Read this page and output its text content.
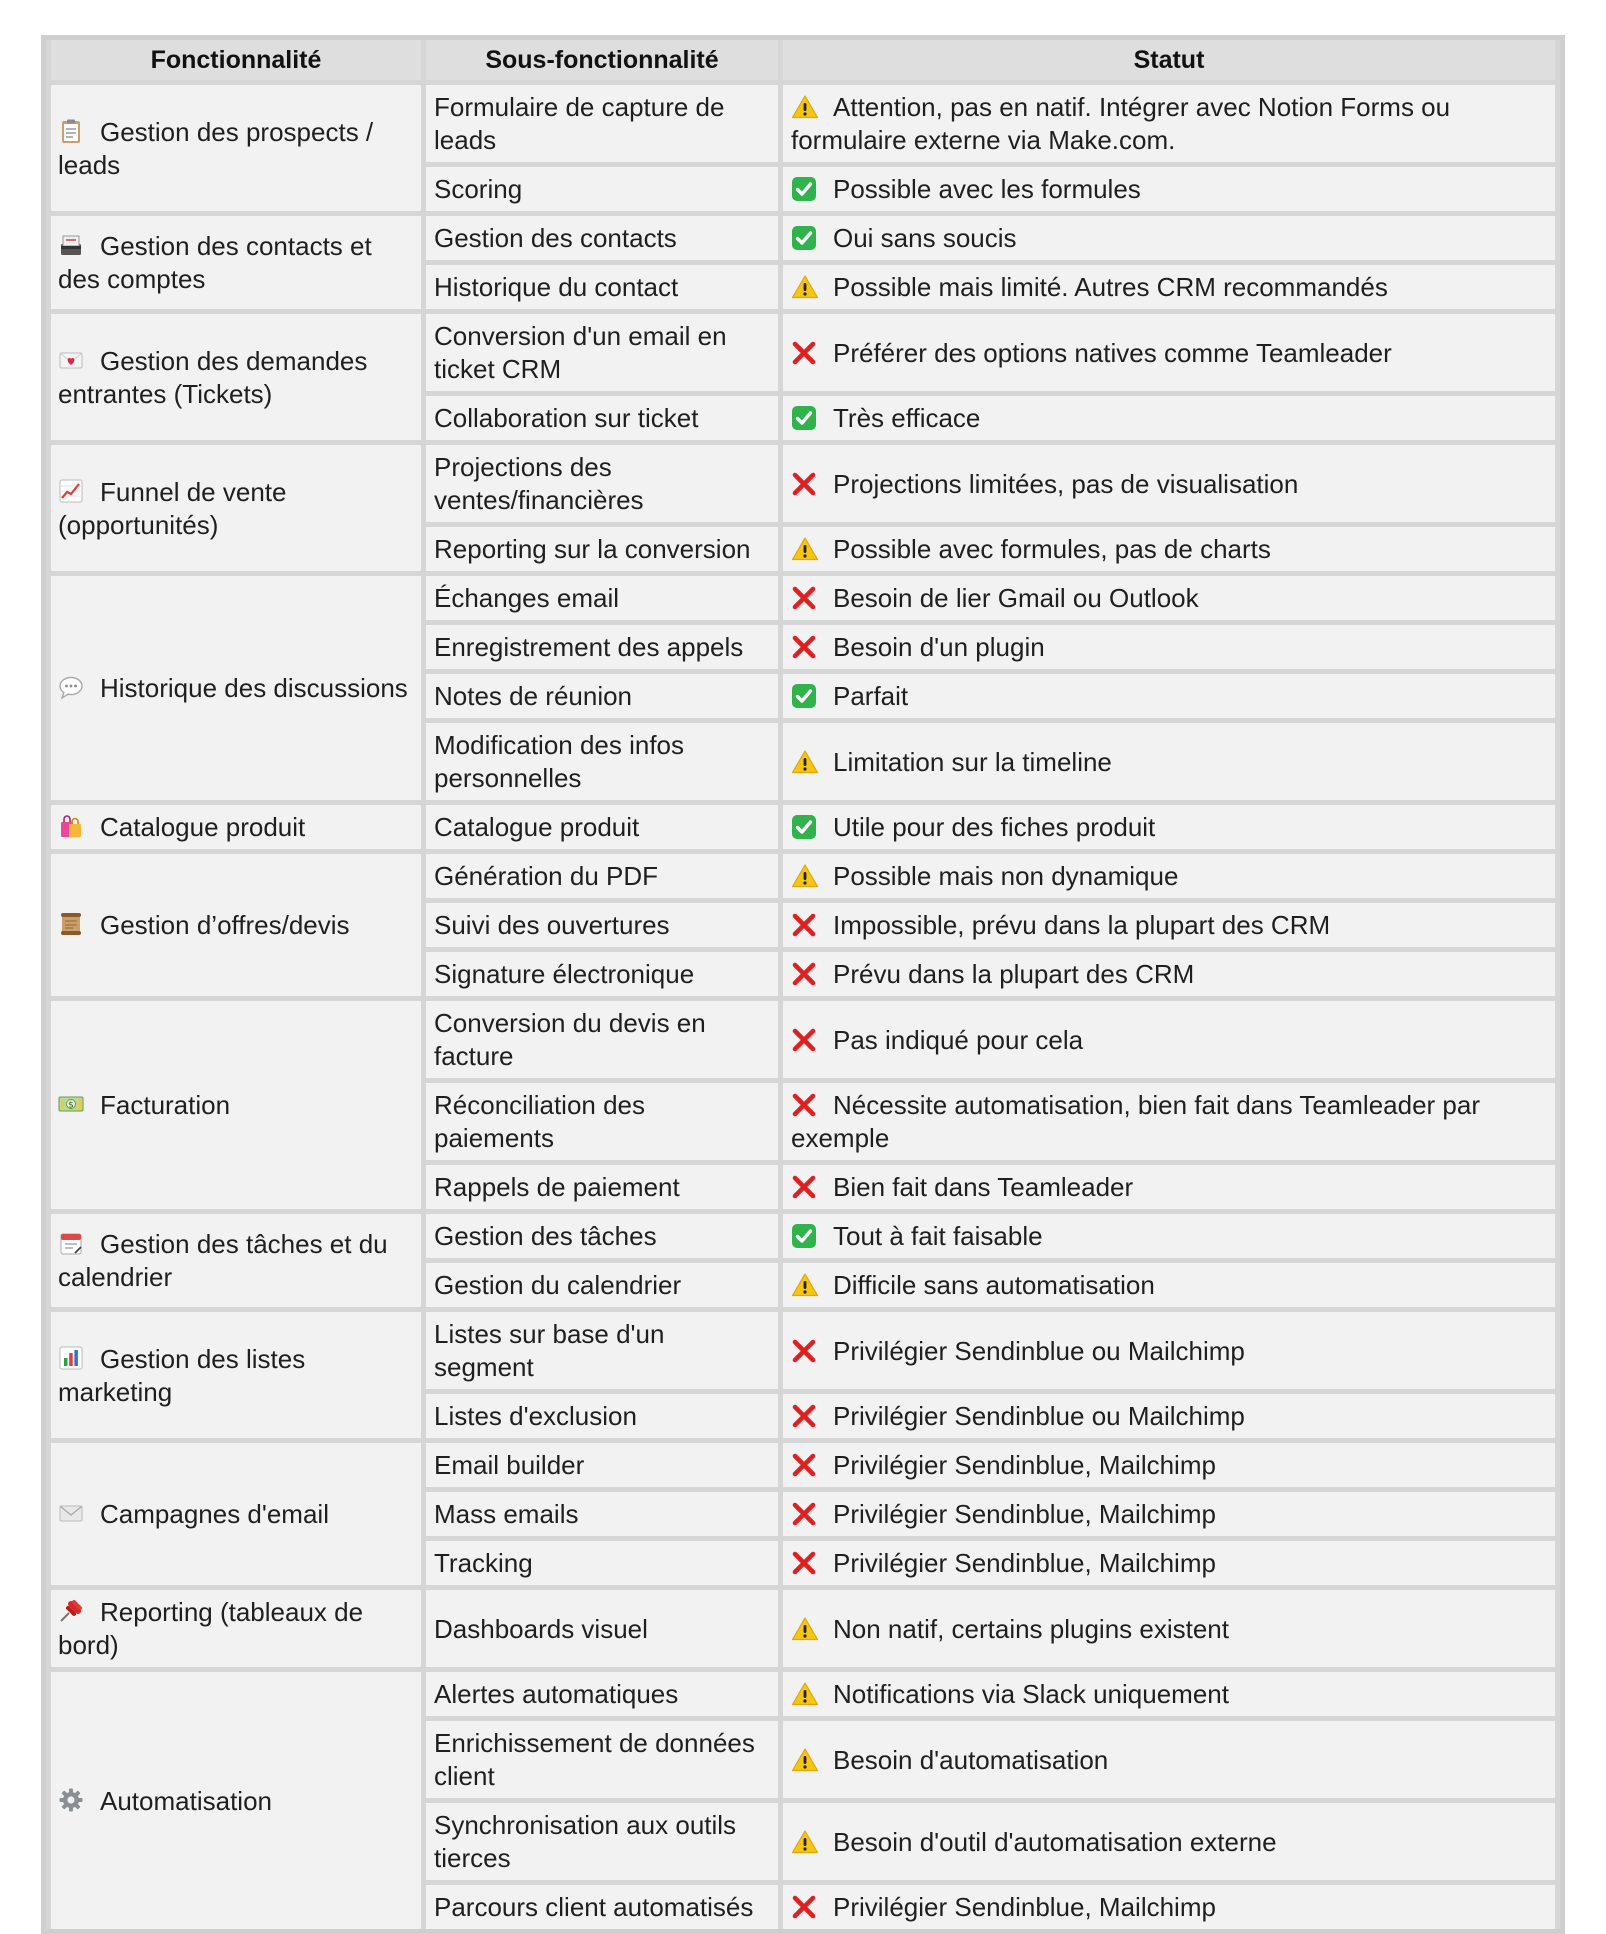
Fonctionnalité	Sous-fonctionnalité	Statut

Gestion des prospects / leads	Formulaire de capture de leads	Attention, pas en natif. Intégrer avec Notion Forms ou formulaire externe via Make.com.
	Scoring	Possible avec les formules

Gestion des contacts et des comptes	Gestion des contacts	Oui sans soucis
	Historique du contact	Possible mais limité. Autres CRM recommandés

Gestion des demandes entrantes (Tickets)	Conversion d'un email en ticket CRM	Préférer des options natives comme Teamleader
	Collaboration sur ticket	Très efficace

Funnel de vente (opportunités)	Projections des ventes/financières	Projections limitées, pas de visualisation
	Reporting sur la conversion	Possible avec formules, pas de charts

Historique des discussions	Échanges email	Besoin de lier Gmail ou Outlook
	Enregistrement des appels	Besoin d'un plugin
	Notes de réunion	Parfait
	Modification des infos personnelles	Limitation sur la timeline

Catalogue produit	Catalogue produit	Utile pour des fiches produit

Gestion d’offres/devis	Génération du PDF	Possible mais non dynamique
	Suivi des ouvertures	Impossible, prévu dans la plupart des CRM
	Signature électronique	Prévu dans la plupart des CRM

$ Facturation	Conversion du devis en facture	Pas indiqué pour cela
	Réconciliation des paiements	Nécessite automatisation, bien fait dans Teamleader par exemple
	Rappels de paiement	Bien fait dans Teamleader

Gestion des tâches et du calendrier	Gestion des tâches	Tout à fait faisable
	Gestion du calendrier	Difficile sans automatisation

Gestion des listes marketing	Listes sur base d'un segment	Privilégier Sendinblue ou Mailchimp
	Listes d'exclusion	Privilégier Sendinblue ou Mailchimp

Campagnes d'email	Email builder	Privilégier Sendinblue, Mailchimp
	Mass emails	Privilégier Sendinblue, Mailchimp
	Tracking	Privilégier Sendinblue, Mailchimp

Reporting (tableaux de bord)	Dashboards visuel	Non natif, certains plugins existent

Automatisation	Alertes automatiques	Notifications via Slack uniquement
	Enrichissement de données client	Besoin d'automatisation
	Synchronisation aux outils tierces	Besoin d'outil d'automatisation externe
	Parcours client automatisés	Privilégier Sendinblue, Mailchimp
